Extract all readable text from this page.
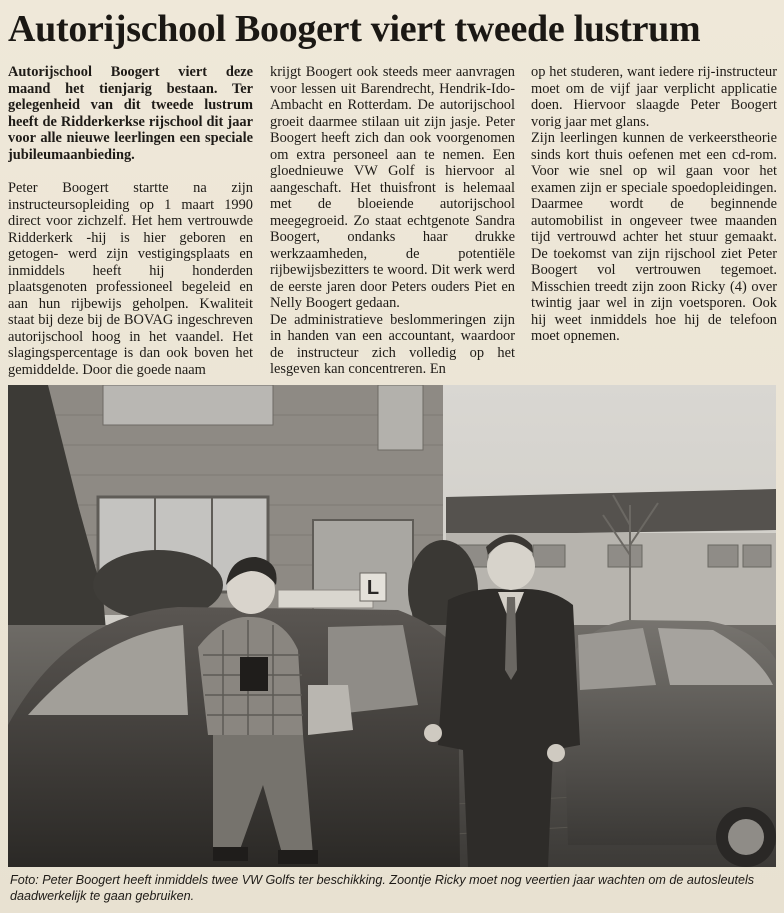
Autorijschool Boogert viert tweede lustrum

Autorijschool Boogert viert deze maand het tienjarig bestaan. Ter gelegenheid van dit tweede lustrum heeft de Ridderkerkse rijschool dit jaar voor alle nieuwe leerlingen een speciale jubileumaanbieding.

Peter Boogert startte na zijn instructeursopleiding op 1 maart 1990 direct voor zichzelf. Het hem vertrouwde Ridderkerk -hij is hier geboren en getogen- werd zijn vestigingsplaats en inmiddels heeft hij honderden plaatsgenoten professioneel begeleid en aan hun rijbewijs geholpen. Kwaliteit staat bij deze bij de BOVAG ingeschreven autorijschool hoog in het vaandel. Het slagingspercentage is dan ook boven het gemiddelde. Door die goede naam

krijgt Boogert ook steeds meer aanvragen voor lessen uit Barendrecht, Hendrik-Ido-Ambacht en Rotterdam. De autorijschool groeit daarmee stilaan uit zijn jasje. Peter Boogert heeft zich dan ook voorgenomen om extra personeel aan te nemen. Een gloednieuwe VW Golf is hiervoor al aangeschaft. Het thuisfront is helemaal met de bloeiende autorijschool meegegroeid. Zo staat echtgenote Sandra Boogert, ondanks haar drukke werkzaamheden, de potentiële rijbewijsbezitters te woord. Dit werk werd de eerste jaren door Peters ouders Piet en Nelly Boogert gedaan.

De administratieve beslommeringen zijn in handen van een accountant, waardoor de instructeur zich volledig op het lesgeven kan concentreren. En

op het studeren, want iedere rij-instructeur moet om de vijf jaar verplicht applicatie doen. Hiervoor slaagde Peter Boogert vorig jaar met glans.

Zijn leerlingen kunnen de verkeerstheorie sinds kort thuis oefenen met een cd-rom. Voor wie snel op wil gaan voor het examen zijn er speciale spoedopleidingen. Daarmee wordt de beginnende automobilist in ongeveer twee maanden tijd vertrouwd achter het stuur gemaakt. De toekomst van zijn rijschool ziet Peter Boogert vol vertrouwen tegemoet. Misschien treedt zijn zoon Ricky (4) over twintig jaar wel in zijn voetsporen. Ook hij weet inmiddels hoe hij de telefoon moet opnemen.

L
Foto: Peter Boogert heeft inmiddels twee VW Golfs ter beschikking. Zoontje Ricky moet nog veertien jaar wachten om de autosleutels daadwerkelijk te gaan gebruiken.
